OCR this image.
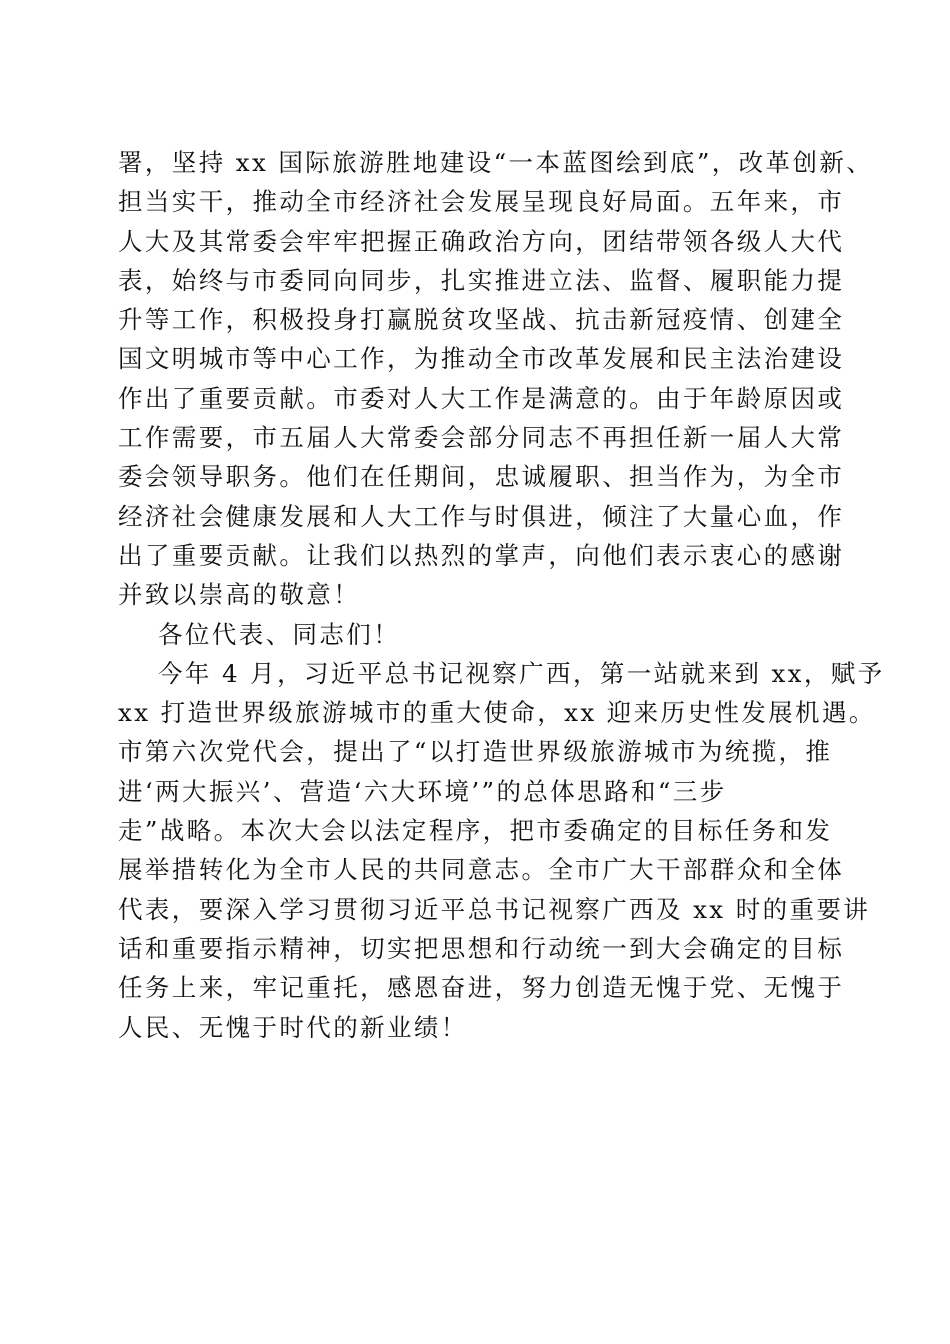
署，坚持 xx 国际旅游胜地建设“一本蓝图绘到底”，改革创新、
担当实干，推动全市经济社会发展呈现良好局面。五年来，市
人大及其常委会牢牢把握正确政治方向，团结带领各级人大代
表，始终与市委同向同步，扎实推进立法、监督、履职能力提
升等工作，积极投身打赢脱贫攻坚战、抗击新冠疫情、创建全
国文明城市等中心工作，为推动全市改革发展和民主法治建设
作出了重要贡献。市委对人大工作是满意的。由于年龄原因或
工作需要，市五届人大常委会部分同志不再担任新一届人大常
委会领导职务。他们在任期间，忠诚履职、担当作为，为全市
经济社会健康发展和人大工作与时俱进，倾注了大量心血，作
出了重要贡献。让我们以热烈的掌声，向他们表示衷心的感谢
并致以崇高的敬意！
各位代表、同志们！
今年 4 月，习近平总书记视察广西，第一站就来到 xx，赋予
xx 打造世界级旅游城市的重大使命，xx 迎来历史性发展机遇。
市第六次党代会，提出了“以打造世界级旅游城市为统揽，推
进‘两大振兴’、营造‘六大环境’”的总体思路和“三步
走”战略。本次大会以法定程序，把市委确定的目标任务和发
展举措转化为全市人民的共同意志。全市广大干部群众和全体
代表，要深入学习贯彻习近平总书记视察广西及 xx 时的重要讲
话和重要指示精神，切实把思想和行动统一到大会确定的目标
任务上来，牢记重托，感恩奋进，努力创造无愧于党、无愧于
人民、无愧于时代的新业绩！
